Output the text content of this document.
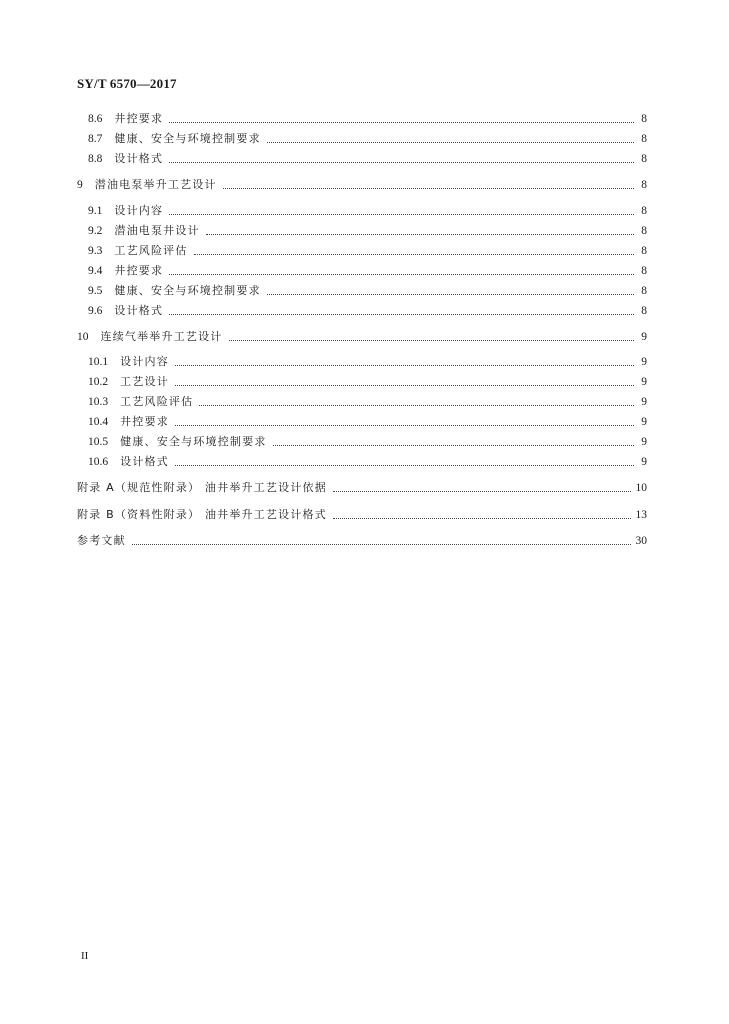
SY/T 6570—2017
8.6 井控要求	8
8.7 健康、安全与环境控制要求	8
8.8 设计格式	8
9 潜油电泵举升工艺设计	8
9.1 设计内容	8
9.2 潜油电泵井设计	8
9.3 工艺风险评估	8
9.4 井控要求	8
9.5 健康、安全与环境控制要求	8
9.6 设计格式	8
10 连续气举举升工艺设计	9
10.1 设计内容	9
10.2 工艺设计	9
10.3 工艺风险评估	9
10.4 井控要求	9
10.5 健康、安全与环境控制要求	9
10.6 设计格式	9
附录 A（规范性附录） 油井举升工艺设计依据	10
附录 B（资料性附录） 油井举升工艺设计格式	13
参考文献	30
II
